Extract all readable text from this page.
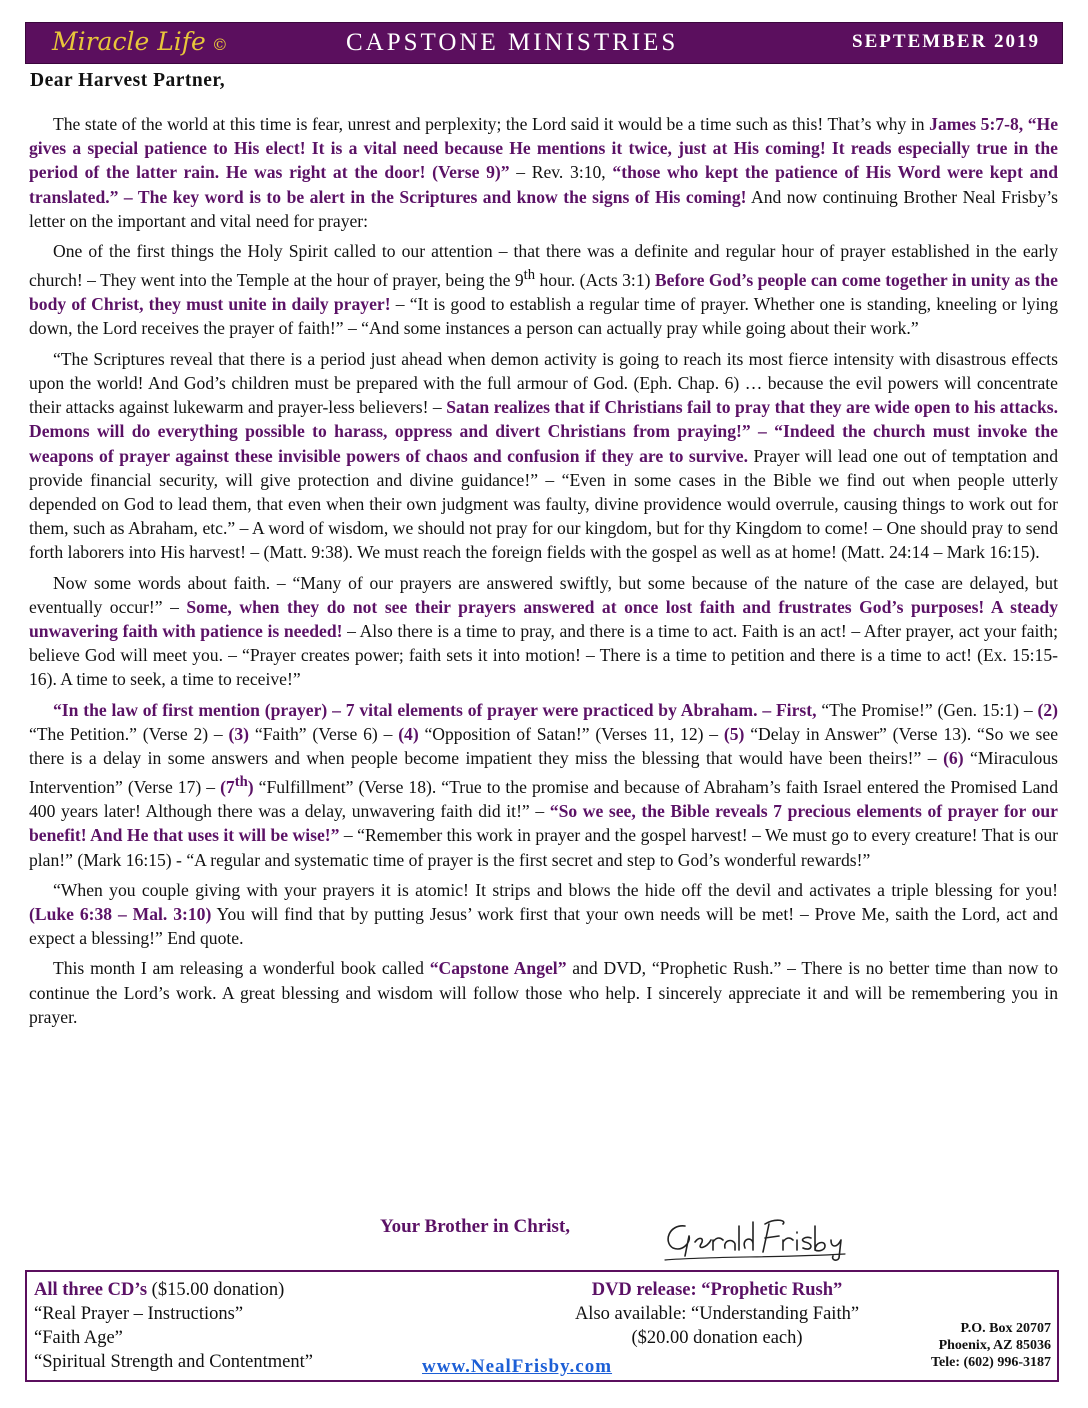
Miracle Life ©	CAPSTONE MINISTRIES	SEPTEMBER 2019
Dear Harvest Partner,

The state of the world at this time is fear, unrest and perplexity; the Lord said it would be a time such as this! That’s why in James 5:7-8, “He gives a special patience to His elect! It is a vital need because He mentions it twice, just at His coming! It reads especially true in the period of the latter rain. He was right at the door! (Verse 9)” – Rev. 3:10, “those who kept the patience of His Word were kept and translated.” – The key word is to be alert in the Scriptures and know the signs of His coming! And now continuing Brother Neal Frisby’s letter on the important and vital need for prayer:

One of the first things the Holy Spirit called to our attention – that there was a definite and regular hour of prayer established in the early church! – They went into the Temple at the hour of prayer, being the 9th hour. (Acts 3:1) Before God’s people can come together in unity as the body of Christ, they must unite in daily prayer! – “It is good to establish a regular time of prayer. Whether one is standing, kneeling or lying down, the Lord receives the prayer of faith!” – “And some instances a person can actually pray while going about their work.”

“The Scriptures reveal that there is a period just ahead when demon activity is going to reach its most fierce intensity with disastrous effects upon the world! And God’s children must be prepared with the full armour of God. (Eph. Chap. 6) … because the evil powers will concentrate their attacks against lukewarm and prayer-less believers! – Satan realizes that if Christians fail to pray that they are wide open to his attacks. Demons will do everything possible to harass, oppress and divert Christians from praying!” – “Indeed the church must invoke the weapons of prayer against these invisible powers of chaos and confusion if they are to survive. Prayer will lead one out of temptation and provide financial security, will give protection and divine guidance!” – “Even in some cases in the Bible we find out when people utterly depended on God to lead them, that even when their own judgment was faulty, divine providence would overrule, causing things to work out for them, such as Abraham, etc.” – A word of wisdom, we should not pray for our kingdom, but for thy Kingdom to come! – One should pray to send forth laborers into His harvest! – (Matt. 9:38). We must reach the foreign fields with the gospel as well as at home! (Matt. 24:14 – Mark 16:15).

Now some words about faith. – “Many of our prayers are answered swiftly, but some because of the nature of the case are delayed, but eventually occur!” – Some, when they do not see their prayers answered at once lost faith and frustrates God’s purposes! A steady unwavering faith with patience is needed! – Also there is a time to pray, and there is a time to act. Faith is an act! – After prayer, act your faith; believe God will meet you. – “Prayer creates power; faith sets it into motion! – There is a time to petition and there is a time to act! (Ex. 15:15-16). A time to seek, a time to receive!”

“In the law of first mention (prayer) – 7 vital elements of prayer were practiced by Abraham. – First, “The Promise!” (Gen. 15:1) – (2) “The Petition.” (Verse 2) – (3) “Faith” (Verse 6) – (4) “Opposition of Satan!” (Verses 11, 12) – (5) “Delay in Answer” (Verse 13). “So we see there is a delay in some answers and when people become impatient they miss the blessing that would have been theirs!” – (6) “Miraculous Intervention” (Verse 17) – (7th) “Fulfillment” (Verse 18). “True to the promise and because of Abraham’s faith Israel entered the Promised Land 400 years later! Although there was a delay, unwavering faith did it!” – “So we see, the Bible reveals 7 precious elements of prayer for our benefit! And He that uses it will be wise!” – “Remember this work in prayer and the gospel harvest! – We must go to every creature! That is our plan!” (Mark 16:15) - “A regular and systematic time of prayer is the first secret and step to God’s wonderful rewards!”

“When you couple giving with your prayers it is atomic! It strips and blows the hide off the devil and activates a triple blessing for you! (Luke 6:38 – Mal. 3:10) You will find that by putting Jesus’ work first that your own needs will be met! – Prove Me, saith the Lord, act and expect a blessing!” End quote.

This month I am releasing a wonderful book called “Capstone Angel” and DVD, “Prophetic Rush.” – There is no better time than now to continue the Lord’s work. A great blessing and wisdom will follow those who help. I sincerely appreciate it and will be remembering you in prayer.

Your Brother in Christ,
All three CD’s ($15.00 donation)
“Real Prayer – Instructions”
“Faith Age”
“Spiritual Strength and Contentment”
DVD release: “Prophetic Rush”
Also available: “Understanding Faith”
($20.00 donation each)
www.NealFrisby.com
P.O. Box 20707
Phoenix, AZ 85036
Tele: (602) 996-3187
